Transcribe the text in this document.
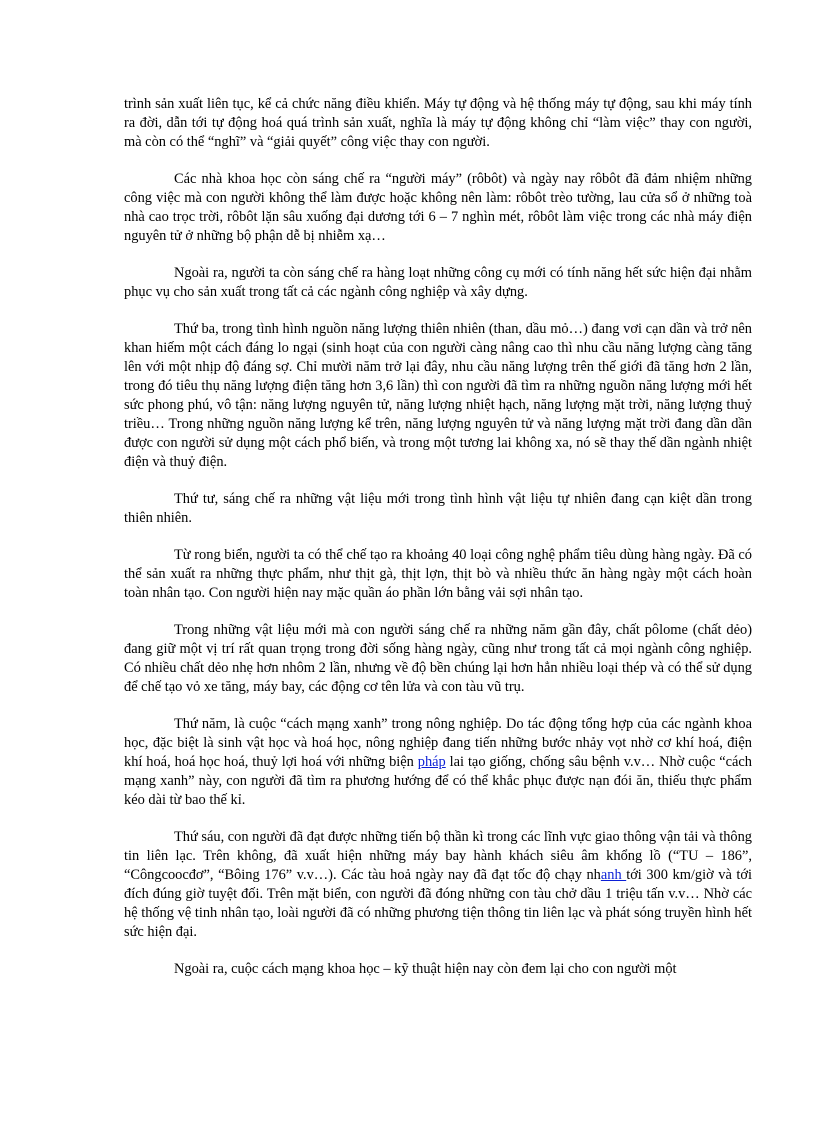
trình sản xuất liên tục, kể cả chức năng điều khiển. Máy tự động và hệ thống máy tự động, sau khi máy tính ra đời, dẫn tới tự động hoá quá trình sản xuất, nghĩa là máy tự động không chỉ “làm việc” thay con người, mà còn có thể “nghĩ” và “giải quyết” công việc thay con người.

Các nhà khoa học còn sáng chế ra “người máy” (rôbôt) và ngày nay rôbôt đã đảm nhiệm những công việc mà con người không thể làm được hoặc không nên làm: rôbôt trèo tường, lau cửa sổ ở những toà nhà cao trọc trời, rôbôt lặn sâu xuống đại dương tới 6 – 7 nghìn mét, rôbôt làm việc trong các nhà máy điện nguyên tử ở những bộ phận dễ bị nhiễm xạ…

Ngoài ra, người ta còn sáng chế ra hàng loạt những công cụ mới có tính năng hết sức hiện đại nhằm phục vụ cho sản xuất trong tất cả các ngành công nghiệp và xây dựng.

Thứ ba, trong tình hình nguồn năng lượng thiên nhiên (than, dầu mỏ…) đang vơi cạn dần và trở nên khan hiếm một cách đáng lo ngại (sinh hoạt của con người càng nâng cao thì nhu cầu năng lượng càng tăng lên với một nhịp độ đáng sợ. Chỉ mười năm trở lại đây, nhu cầu năng lượng trên thế giới đã tăng hơn 2 lần, trong đó tiêu thụ năng lượng điện tăng hơn 3,6 lần) thì con người đã tìm ra những nguồn năng lượng mới hết sức phong phú, vô tận: năng lượng nguyên tử, năng lượng nhiệt hạch, năng lượng mặt trời, năng lượng thuỷ triều… Trong những nguồn năng lượng kể trên, năng lượng nguyên tử và năng lượng mặt trời đang dần dần được con người sử dụng một cách phổ biến, và trong một tương lai không xa, nó sẽ thay thế dần ngành nhiệt điện và thuỷ điện.

Thứ tư, sáng chế ra những vật liệu mới trong tình hình vật liệu tự nhiên đang cạn kiệt dần trong thiên nhiên.

Từ rong biển, người ta có thể chế tạo ra khoảng 40 loại công nghệ phẩm tiêu dùng hàng ngày. Đã có thể sản xuất ra những thực phẩm, như thịt gà, thịt lợn, thịt bò và nhiều thức ăn hàng ngày một cách hoàn toàn nhân tạo. Con người hiện nay mặc quần áo phần lớn bằng vải sợi nhân tạo.

Trong những vật liệu mới mà con người sáng chế ra những năm gần đây, chất pôlome (chất dẻo) đang giữ một vị trí rất quan trọng trong đời sống hàng ngày, cũng như trong tất cả mọi ngành công nghiệp. Có nhiều chất dẻo nhẹ hơn nhôm 2 lần, nhưng về độ bền chúng lại hơn hẳn nhiều loại thép và có thể sử dụng để chế tạo vỏ xe tăng, máy bay, các động cơ tên lửa và con tàu vũ trụ.

Thứ năm, là cuộc “cách mạng xanh” trong nông nghiệp. Do tác động tổng hợp của các ngành khoa học, đặc biệt là sinh vật học và hoá học, nông nghiệp đang tiến những bước nhảy vọt nhờ cơ khí hoá, điện khí hoá, hoá học hoá, thuỷ lợi hoá với những biện pháp lai tạo giống, chống sâu bệnh v.v… Nhờ cuộc “cách mạng xanh” này, con người đã tìm ra phương hướng để có thể khắc phục được nạn đói ăn, thiếu thực phẩm kéo dài từ bao thế kỉ.

Thứ sáu, con người đã đạt được những tiến bộ thần kì trong các lĩnh vực giao thông vận tải và thông tin liên lạc. Trên không, đã xuất hiện những máy bay hành khách siêu âm khổng lồ (“TU – 186”, “Côngcoocđơ”, “Bôing 176” v.v…). Các tàu hoả ngày nay đã đạt tốc độ chạy nhanh tới 300 km/giờ và tới đích đúng giờ tuyệt đối. Trên mặt biển, con người đã đóng những con tàu chở dầu 1 triệu tấn v.v… Nhờ các hệ thống vệ tinh nhân tạo, loài người đã có những phương tiện thông tin liên lạc và phát sóng truyền hình hết sức hiện đại.

Ngoài ra, cuộc cách mạng khoa học – kỹ thuật hiện nay còn đem lại cho con người một
